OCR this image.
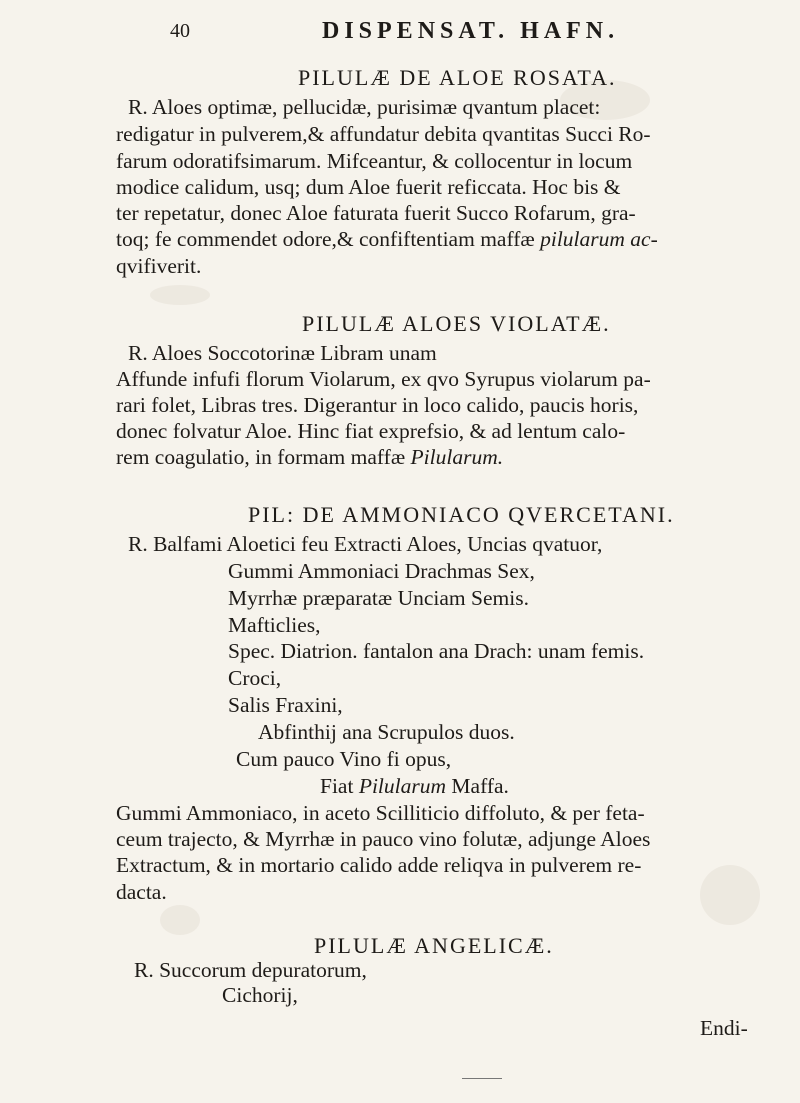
40	DISPENSAT. HAFN.
PILULÆ DE ALOE ROSATA.
R. Aloes optimæ, pellucidæ, purisimæ qvantum placet:
redigatur in pulverem,& affundatur debita qvantitas Succi Ro-
farum odoratifsimarum. Mifceantur, & collocentur in locum
modice calidum, usq; dum Aloe fuerit reficcata. Hoc bis &
ter repetatur, donec Aloe faturata fuerit Succo Rofarum, gra-
toq; fe commendet odore,& confiftentiam maffæ pilularum ac-
qvifiverit.
PILULÆ ALOES VIOLATÆ.
R. Aloes Soccotorinæ Libram unam
Affunde infufi florum Violarum, ex qvo Syrupus violarum pa-
rari folet, Libras tres. Digerantur in loco calido, paucis horis,
donec folvatur Aloe. Hinc fiat exprefsio, & ad lentum calo-
rem coagulatio, in formam maffæ Pilularum.
PIL: DE AMMONIACO QVERCETANI.
R. Balfami Aloetici feu Extracti Aloes, Uncias qvatuor,
Gummi Ammoniaci Drachmas Sex,
Myrrhæ præparatæ Unciam Semis.
Mafticlies,
Spec. Diatrion. fantalon ana Drach: unam femis.
Croci,
Salis Fraxini,
Abfinthij ana Scrupulos duos.
Cum pauco Vino fi opus,
Fiat Pilularum Maffa.
Gummi Ammoniaco, in aceto Scilliticio diffoluto, & per feta-
ceum trajecto, & Myrrhæ in pauco vino folutæ, adjunge Aloes
Extractum, & in mortario calido adde reliqva in pulverem re-
dacta.
PILULÆ ANGELICÆ.
R. Succorum depuratorum,
Cichorij,
Endi-
